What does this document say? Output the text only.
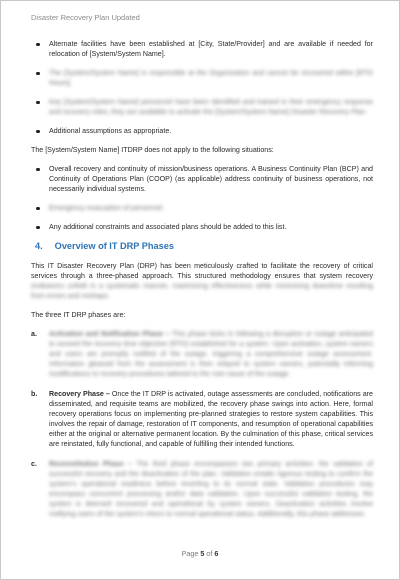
Disaster Recovery Plan Updated
Alternate facilities have been established at [City, State/Provider] and are available if needed for relocation of [System/System Name].
The [System/System Name] is responsible at the Organization and cannot be recovered within [RTO Hours].
Key [System/System Name] personnel have been identified and trained in their emergency response and recovery roles; they are available to activate the [System/System Name] Disaster Recovery Plan.
Additional assumptions as appropriate.

The [System/System Name] ITDRP does not apply to the following situations:

Overall recovery and continuity of mission/business operations. A Business Continuity Plan (BCP) and Continuity of Operations Plan (COOP) (as applicable) address continuity of business operations, not necessarily individual systems.
Emergency evacuation of personnel.
Any additional constraints and associated plans should be added to this list.
4. Overview of IT DRP Phases

This IT Disaster Recovery Plan (DRP) has been meticulously crafted to facilitate the recovery of critical services through a three-phased approach. This structured methodology ensures that system recovery endeavors unfold in a systematic manner, maximizing effectiveness while minimizing downtime resulting from errors and mishaps.

The three IT DRP phases are:

a. Activation and Notification Phase – This phase kicks in following a disruption or outage anticipated to exceed the recovery time objective (RTO) established for a system. Upon activation, system owners and users are promptly notified of the outage, triggering a comprehensive outage assessment. Information gleaned from the assessment is then relayed to system owners, potentially informing modifications to recovery procedures tailored to the root cause of the outage.
b. Recovery Phase – Once the IT DRP is activated, outage assessments are concluded, notifications are disseminated, and requisite teams are mobilized, the recovery phase swings into action. Here, formal recovery operations focus on implementing pre-planned strategies to restore system capabilities. This involves the repair of damage, restoration of IT components, and resumption of operational capabilities either at the original or alternative permanent location. By the culmination of this phase, critical services are reinstated, fully functional, and capable of fulfilling their intended functions.
c. Reconstitution Phase – The third phase encompasses two primary activities: the validation of successful recovery and the deactivation of the plan. Validation entails rigorous testing to confirm the system's operational readiness before reverting to its normal state. Validation procedures may encompass concurrent processing and/or data validation. Upon successful validation testing, the system is deemed recovered and operational by system owners. Deactivation activities involve notifying users of the system's return to normal operational status. Additionally, this phase addresses
Page 5 of 6
